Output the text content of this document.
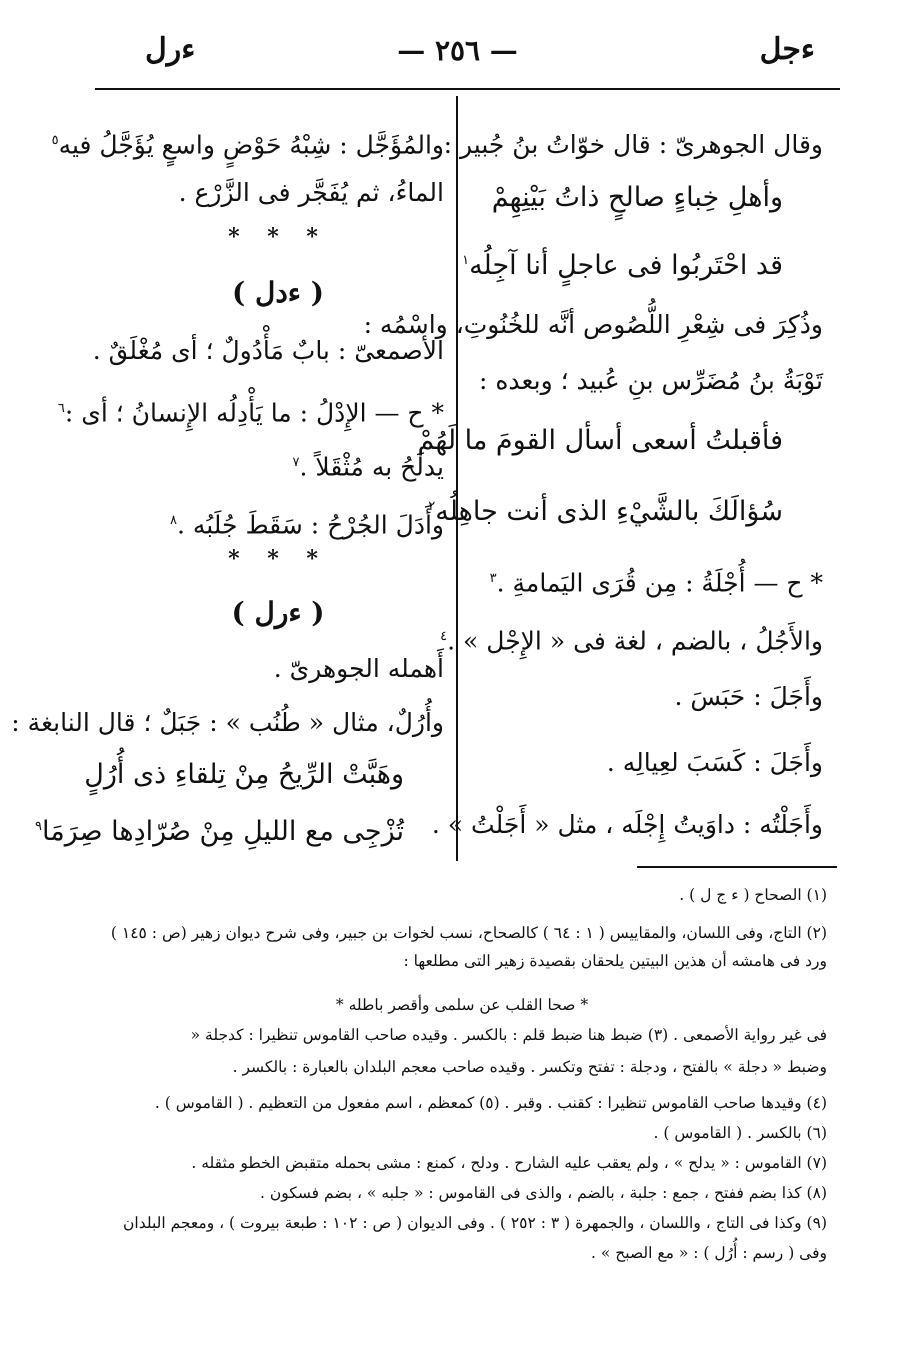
ءجل
— ٢٥٦ —
ءرل
وقال الجوهرىّ : قال خوّاتُ بنُ جُبير :
وأهلِ خِباءٍ صالحٍ ذاتُ بَيْنِهِمْ
قد احْتَربُوا فى عاجلٍ أنا آجِلُه$^١$
وذُكِرَ فى شِعْرِ اللُّصُوص أنَّه للخُنُوتِ، واسْمُه :
تَوْبَةُ بنُ مُضَرِّس بنِ عُبيد ؛ وبعده :
فأقبلتُ أسعى أسأل القومَ ما لَهُمْ
سُؤالَكَ بالشَّيْءِ الذى أنت جاهِلُه$^٢$
* ح — أُجْلَةُ : مِن قُرَى اليَمامةِ .$^٣$
والأَجُلُ ، بالضم ، لغة فى « الإِجْل » .$^٤$
وأَجَلَ : حَبَسَ .
وأَجَلَ : كَسَبَ لعِيالِه .
وأَجَلْتُه : داوَيتُ إِجْلَه ، مثل « أَجَلْتُ » .
والمُؤَجَّل : شِبْهُ حَوْضٍ واسعٍ يُؤَجَّلُ فيه$^٥$
الماءُ، ثم يُفَجَّر فى الزَّرْع .
* * *
( ءدل )
الأصمعىّ : بابٌ مَأْدُولٌ ؛ أى مُغْلَقٌ .
* ح — الإِدْلُ : ما يَأْدِلُه الإِنسانُ ؛ أى :$^٦$
يدلَحُ به مُثْقَلاً .$^٧$
وأَدَلَ الجُرْحُ : سَقَطَ جُلَبُه .$^٨$
* * *
( ءرل )
أَهمله الجوهرىّ .
وأُرُلٌ، مثال « طُنُب » : جَبَلٌ ؛ قال النابغة :
وهَبَّتْ الرِّيحُ مِنْ تِلقاءِ ذى أُرُلٍ
تُزْجِى مع الليلِ مِنْ صُرّادِها صِرَمَا$^٩$
(١) الصحاح ( ء ج ل ) .
(٢) التاج، وفى اللسان، والمقاييس ( ١ : ٦٤ ) كالصحاح، نسب لخوات بن جبير، وفى شرح ديوان زهير (ص : ١٤٥ )
ورد فى هامشه أن هذين البيتين يلحقان بقصيدة زهير التى مطلعها :
* صحا القلب عن سلمى وأقصر باطله *
فى غير رواية الأصمعى . (٣) ضبط هنا ضبط قلم : بالكسر . وقيده صاحب القاموس تنظيرا : كدجلة «
وضبط « دجلة » بالفتح ، ودجلة : تفتح وتكسر . وقيده صاحب معجم البلدان بالعبارة : بالكسر .
(٤) وقيدها صاحب القاموس تنظيرا : كقنب . وقبر . (٥) كمعظم ، اسم مفعول من التعظيم . ( القاموس ) .
(٦) بالكسر . ( القاموس ) .
(٧) القاموس : « يدلح » ، ولم يعقب عليه الشارح . ودلح ، كمنع : مشى بحمله متقبض الخطو مثقله .
(٨) كذا بضم ففتح ، جمع : جلبة ، بالضم ، والذى فى القاموس : « جلبه » ، بضم فسكون .
(٩) وكذا فى التاج ، واللسان ، والجمهرة ( ٣ : ٢٥٢ ) . وفى الديوان ( ص : ١٠٢ : طبعة بيروت ) ، ومعجم البلدان
وفى ( رسم : أُرُل ) : « مع الصبح » .
